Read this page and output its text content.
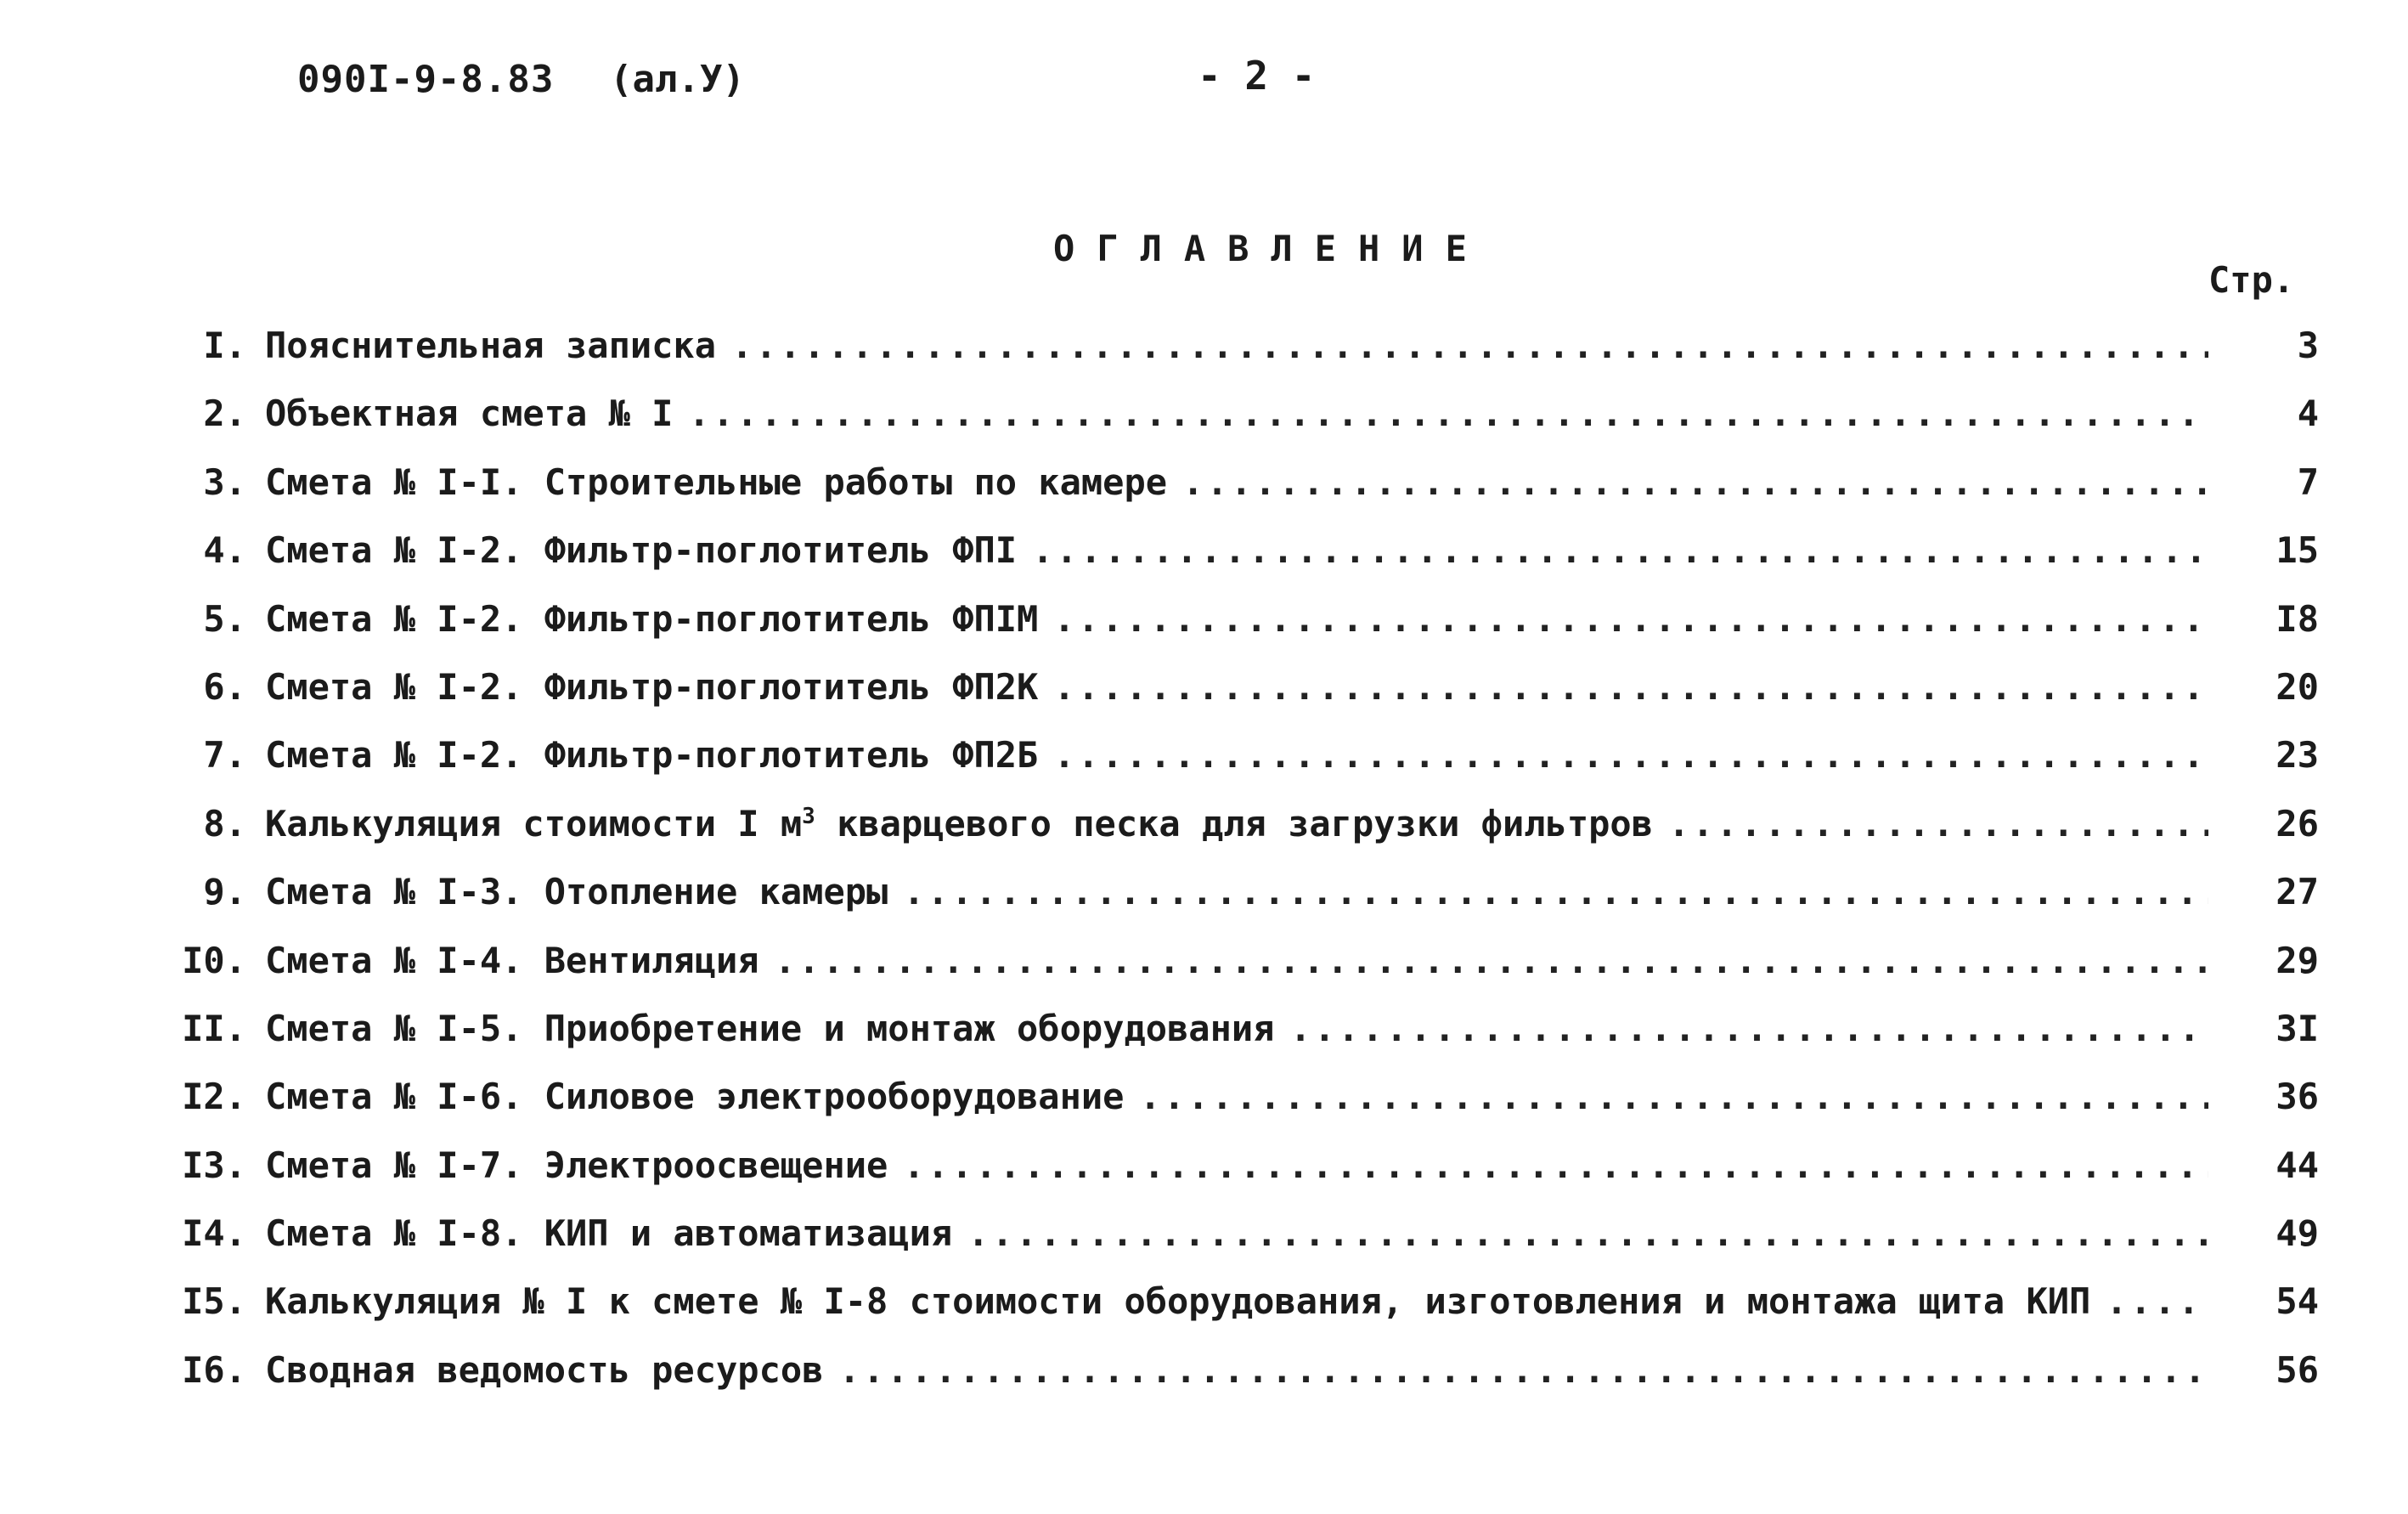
090I-9-8.83 (ал.У)	- 2 -
ОГЛАВЛЕНИЕ
Стр.
I. Пояснительная записка .....	3
2. Объектная смета № I .....	4
3. Смета № I-I. Строительные работы по камере .....	7
4. Смета № I-2. Фильтр-поглотитель ФПI .....	15
5. Смета № I-2. Фильтр-поглотитель ФПIМ .....	I8
6. Смета № I-2. Фильтр-поглотитель ФП2К .....	20
7. Смета № I-2. Фильтр-поглотитель ФП2Б .....	23
8. Калькуляция стоимости I $м^3$ кварцевого песка для загрузки фильтров .....	26
9. Смета № I-3. Отопление камеры .....	27
I0. Смета № I-4. Вентиляция .....	29
II. Смета № I-5. Приобретение и монтаж оборудования .....	3I
I2. Смета № I-6. Силовое электрооборудование .....	36
I3. Смета № I-7. Электроосвещение .....	44
I4. Смета № I-8. КИП и автоматизация .....	49
I5. Калькуляция № I к смете № I-8 стоимости оборудования, изготовления и монтажа щита КИП .....	54
I6. Сводная ведомость ресурсов .....	56
